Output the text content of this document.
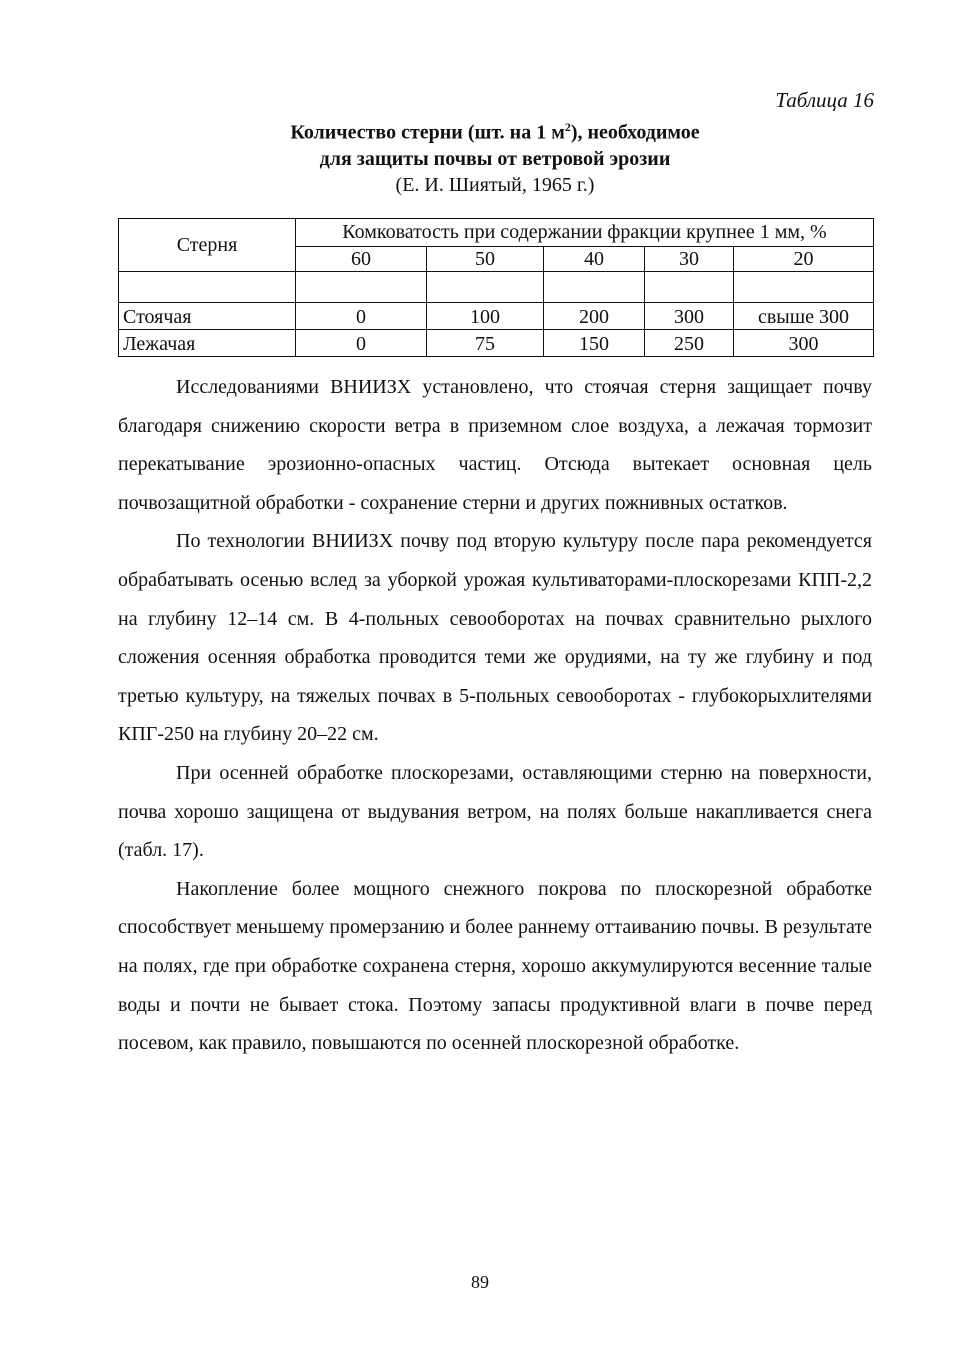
Таблица 16
Количество стерни (шт. на 1 $м^2$), необходимое
для защиты почвы от ветровой эрозии
(Е. И. Шиятый, 1965 г.)
Стерня	Комковатость при содержании фракции крупнее 1 мм, %				
	60	50	40	30	20

Стоячая	0	100	200	300	свыше 300
Лежачая	0	75	150	250	300

Исследованиями ВНИИЗХ установлено, что стоячая стерня защищает почву благодаря снижению скорости ветра в приземном слое воздуха, а лежачая тормозит перекатывание эрозионно-опасных частиц. Отсюда вытекает основная цель почвозащитной обработки - сохранение стерни и других пожнивных остатков.

По технологии ВНИИЗХ почву под вторую культуру после пара рекомендуется обрабатывать осенью вслед за уборкой урожая культиваторами-плоскорезами КПП-2,2 на глубину 12–14 см. В 4-польных севооборотах на почвах сравнительно рыхлого сложения осенняя обработка проводится теми же орудиями, на ту же глубину и под третью культуру, на тяжелых почвах в 5-польных севооборотах - глубокорыхлителями КПГ-250 на глубину 20–22 см.

При осенней обработке плоскорезами, оставляющими стерню на поверхности, почва хорошо защищена от выдувания ветром, на полях больше накапливается снега (табл. 17).

Накопление более мощного снежного покрова по плоскорезной обработке способствует меньшему промерзанию и более раннему оттаиванию почвы. В результате на полях, где при обработке сохранена стерня, хорошо аккумулируются весенние талые воды и почти не бывает стока. Поэтому запасы продуктивной влаги в почве перед посевом, как правило, повышаются по осенней плоскорезной обработке.

89
